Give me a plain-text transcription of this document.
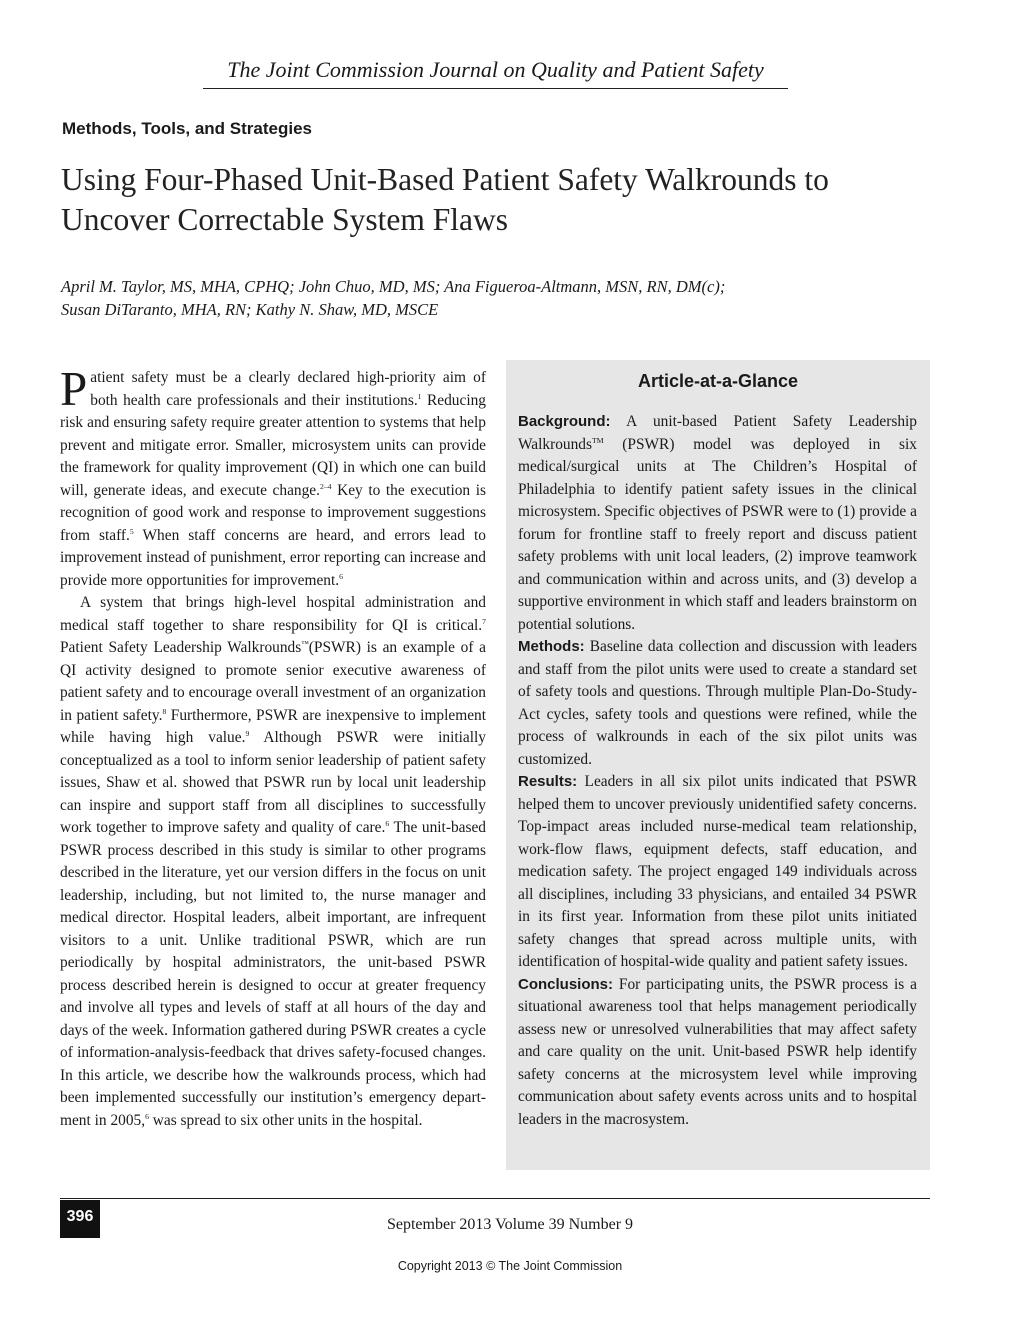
The Joint Commission Journal on Quality and Patient Safety
Methods, Tools, and Strategies
Using Four-Phased Unit-Based Patient Safety Walkrounds to Uncover Correctable System Flaws
April M. Taylor, MS, MHA, CPHQ; John Chuo, MD, MS; Ana Figueroa-Altmann, MSN, RN, DM(c);
Susan DiTaranto, MHA, RN; Kathy N. Shaw, MD, MSCE

Patient safety must be a clearly declared high-priority aim of both health care professionals and their institutions.$^1$ Reducing risk and ensuring safety require greater attention to systems that help prevent and mitigate error. Smaller, microsystem units can provide the framework for quality improvement (QI) in which one can build will, generate ideas, and execute change.$^{2-4}$ Key to the execution is recognition of good work and response to improvement suggestions from staff.$^5$ When staff concerns are heard, and errors lead to improvement instead of punishment, error reporting can increase and provide more opportunities for improvement.$^6$

A system that brings high-level hospital administration and medical staff together to share responsibility for QI is critical.$^7$ Patient Safety Leadership Walkrounds™(PSWR) is an example of a QI activity designed to promote senior executive awareness of patient safety and to encourage overall investment of an organization in patient safety.$^8$ Furthermore, PSWR are inexpensive to implement while having high value.$^9$ Although PSWR were initially conceptualized as a tool to inform senior leadership of patient safety issues, Shaw et al. showed that PSWR run by local unit leadership can inspire and support staff from all disciplines to successfully work together to improve safety and quality of care.$^6$ The unit-based PSWR process described in this study is similar to other programs described in the literature, yet our version differs in the focus on unit leadership, including, but not limited to, the nurse manager and medical director. Hospital leaders, albeit important, are infrequent visitors to a unit. Unlike traditional PSWR, which are run periodically by hospital administrators, the unit-based PSWR process described herein is designed to occur at greater frequency and involve all types and levels of staff at all hours of the day and days of the week. Information gathered during PSWR creates a cycle of information-analysis-feedback that drives safety-focused changes. In this article, we describe how the walkrounds process, which had been implemented successfully our institution’s emergency department in 2005,$^6$ was spread to six other units in the hospital.

Article-at-a-Glance

Background: A unit-based Patient Safety Leadership Walkrounds™ (PSWR) model was deployed in six medical/surgical units at The Children’s Hospital of Philadelphia to identify patient safety issues in the clinical microsystem. Specific objectives of PSWR were to (1) provide a forum for frontline staff to freely report and discuss patient safety problems with unit local leaders, (2) improve teamwork and communication within and across units, and (3) develop a supportive environment in which staff and leaders brainstorm on potential solutions.

Methods: Baseline data collection and discussion with leaders and staff from the pilot units were used to create a standard set of safety tools and questions. Through multiple Plan-Do-Study-Act cycles, safety tools and questions were refined, while the process of walkrounds in each of the six pilot units was customized.

Results: Leaders in all six pilot units indicated that PSWR helped them to uncover previously unidentified safety concerns. Top-impact areas included nurse-medical team relationship, work-flow flaws, equipment defects, staff education, and medication safety. The project engaged 149 individuals across all disciplines, including 33 physicians, and entailed 34 PSWR in its first year. Information from these pilot units initiated safety changes that spread across multiple units, with identification of hospital-wide quality and patient safety issues.

Conclusions: For participating units, the PSWR process is a situational awareness tool that helps management periodically assess new or unresolved vulnerabilities that may affect safety and care quality on the unit. Unit-based PSWR help identify safety concerns at the microsystem level while improving communication about safety events across units and to hospital leaders in the macrosystem.

396	September 2013 Volume 39 Number 9
Copyright 2013 © The Joint Commission
